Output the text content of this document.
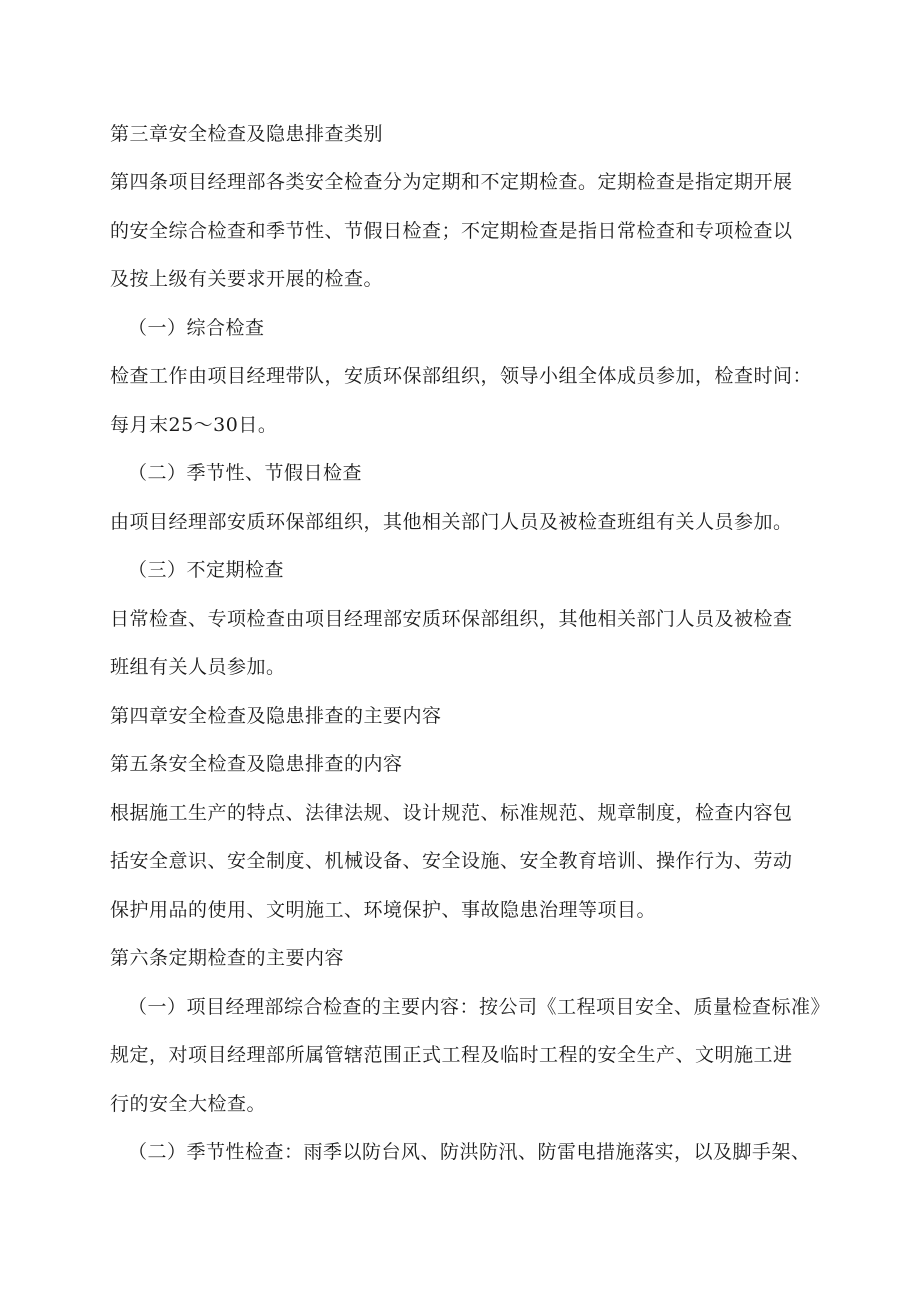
第三章安全检查及隐患排查类别
第四条项目经理部各类安全检查分为定期和不定期检查。定期检查是指定期开展
的安全综合检查和季节性、节假日检查；不定期检查是指日常检查和专项检查以
及按上级有关要求开展的检查。
（一）综合检查
检查工作由项目经理带队，安质环保部组织，领导小组全体成员参加，检查时间：
每月末25～30日。
（二）季节性、节假日检查
由项目经理部安质环保部组织，其他相关部门人员及被检查班组有关人员参加。
（三）不定期检查
日常检查、专项检查由项目经理部安质环保部组织，其他相关部门人员及被检查
班组有关人员参加。
第四章安全检查及隐患排查的主要内容
第五条安全检查及隐患排查的内容
根据施工生产的特点、法律法规、设计规范、标准规范、规章制度，检查内容包
括安全意识、安全制度、机械设备、安全设施、安全教育培训、操作行为、劳动
保护用品的使用、文明施工、环境保护、事故隐患治理等项目。
第六条定期检查的主要内容
（一）项目经理部综合检查的主要内容：按公司《工程项目安全、质量检查标准》
规定，对项目经理部所属管辖范围正式工程及临时工程的安全生产、文明施工进
行的安全大检查。
（二）季节性检查：雨季以防台风、防洪防汛、防雷电措施落实，以及脚手架、
